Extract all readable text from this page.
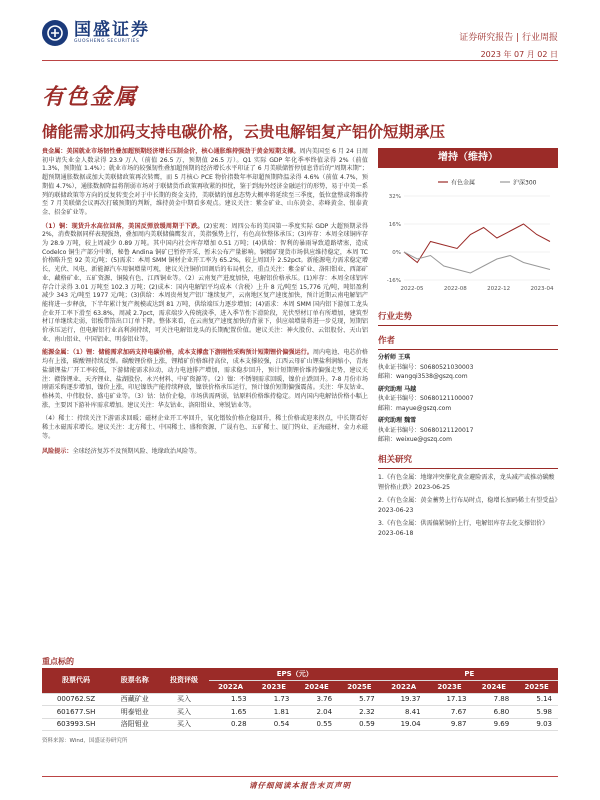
国盛证券
GUOSHENG SECURITIES	证券研究报告 | 行业周报
2023 年 07 月 02 日
有色金属
储能需求加码支持电碳价格，云贵电解铝复产铝价短期承压

贵金属：美国就业市场韧性叠加超预期经济增长压制金价，核心通胀维持强劲于黄金短期支撑。周内美国至 6 月 24 日周初申请失业金人数录得 23.9 万人（前值 26.5 万，预期值 26.5 万）。Q1 实际 GDP 年化季率终值录得 2%（前值 1.3%，预期值 1.4%）；就业市场的较强韧性叠加超预期的经济增长水平印证了 6 月美联储暂停加息背后的“周期末期”；超预期通胀数据或加大美联储政策再次转鹰，而 5 月核心 PCE 物价指数年率却超预期降温录得 4.6%（前值 4.7%，预期值 4.7%），通胀数据降温将削弱市场对于联储货币政策再收紧的担忧，鉴于到海外经济金融运行的形势，易于中美一系列的联储政策等方向的反复转变会对于中长期的资金支持，美联储的加息态势大概率将延续至三季度，低位盘整或将维持至 7 月美联储会议再次打破预期的判断，维持黄金中期看多观点。建议关注：紫金矿业、山东黄金、赤峰黄金、银泰黄金、招金矿业等。

（1）铜：现货升水高位回落，美国反弹放缓周期于下跌。(2)宏观：周四公布的美国第一季度实际 GDP 大超预期录得 2%，消费数据同样表现强劲，叠加周内美联储偏鹰发言，美指强势上行，有色高位整体承压；(3)库存：本周全球铜库存为 28.9 万吨，较上周减少 0.89 万吨。其中国内社会库存增加 0.51 万吨；(4)供给：智利的暴雨导致道路堵塞，造成 Codelco 铜生产部分中断，秘鲁 Andina 铜矿已暂停开采，暂未公布产量影响。铜精矿现货市场供应维持稳定，本周 TC 价格略升至 92 美元/吨；(5)需求：本周 SMM 铜材企业开工率为 65.2%，较上周回升 2.52pct。新能源电力需求稳定增长，光伏、风电、新能源汽车用铜增量可观，建议关注铜价回调后的布局机会，重点关注：紫金矿业、洛阳钼业、西部矿业、藏格矿业、五矿资源、铜陵有色、江西铜业等。（2）云南复产进度加快，电解铝价格承压。(1)库存：本周全球铝库存合计录得 3.01 万吨至 102.3 万吨；(2)成本：国内电解铝平均成本（含税）上升 8 元/吨至 15,776 元/吨，吨铝盈利减少 343 元/吨至 1977 元/吨；(3)供给：本周贵州复产铝厂继续复产，云南地区复产速度加快，预计近期云南电解铝产能将进一步释放，下半年累计复产规模或达到 81 万吨，供给端压力逐步增加；(4)需求：本周 SMM 国内铝下游加工龙头企业开工率下滑至 63.8%，周减 2.7pct，需求端步入传统淡季，进入季节性下滑阶段，光伏型材订单有所增加，建筑型材订单继续走弱，铝板带箔出口订单下降。整体来看，在云南复产速度加快的背景下，供应端增量将进一步兑现，短期铝价承压运行，但电解铝行业高利润持续，可关注电解铝龙头的长期配置价值。建议关注：神火股份、云铝股份、天山铝业、南山铝业、中国铝业、明泰铝业等。

能源金属：（1）锂：储能需求加码支持电碳价格，成本支撑盘下游刚性采购预计短期锂价偏强运行。周内电池、电芯价格均有上涨，碳酸锂持续反弹。碳酸锂价格上涨，锂精矿价格维持高位，成本支撑较强，江西云母矿山锂盐利润缩小，青海盐湖锂盐厂开工率较低，下游储能需求拉动，动力电池排产增加，需求稳步回升，预计短期锂价维持偏强走势，建议关注：赣锋锂业、天齐锂业、盐湖股份、永兴材料、中矿资源等。（2）镍：不锈钢需求回暖，镍价止跌回升。7-8 月份市场刚需采购逐步增加，镍价上涨，印尼镍铁产能持续释放，镍铁价格承压运行，预计镍价短期偏强震荡。关注：华友钴业、格林美、中伟股份、盛屯矿业等。（3）钴：钴价企稳，市场供需两弱，钴原料价格维持稳定。周内国内电解钴价格小幅上涨，主要因下游补库需求增加。建议关注：华友钴业、洛阳钼业、寒锐钴业等。

（4）稀土：持续关注下游需求回暖；磁材企业开工率回升，氧化镨钕价格企稳回升，稀土价格或迎来拐点，中长期看好稀土永磁需求增长。建议关注：北方稀土、中国稀土、盛和资源、广晟有色、五矿稀土、厦门钨业、正海磁材、金力永磁等。

风险提示：全球经济复苏不及预期风险、地缘政治风险等。

增持（维持）
有色金属	沪深300
32%
16%
0%
-16%
2022-05	2022-08	2022-12	2023-04
行业走势
作者
分析师 王琪
执业证书编号：S0680521030003
邮箱：wangqi3538@gszq.com
研究助理 马越
执业证书编号：S0680121100007
邮箱：mayue@gszq.com
研究助理 魏雪
执业证书编号：S0680121120017
邮箱：weixue@gszq.com
相关研究
1.《有色金属：地缘冲突催化黄金避险需求，龙头减产或推动碳酸锂价格止跌》2023-06-25
2.《有色金属：黄金蓄势上行布局时点，稳增长加码稀土有望受益》2023-06-23
3.《有色金属：供需偏紧铜价上行，电解铝库存去化支撑铝价》2023-06-18
重点标的
股票代码	股票名称	投资评级	EPS（元）				PE			
			2022A	2023E	2024E	2025E	2022A	2023E	2024E	2025E
000762.SZ	西藏矿业	买入	1.53	1.73	3.76	5.77	19.37	17.13	7.88	5.14
601677.SH	明泰铝业	买入	1.65	1.81	2.04	2.32	8.41	7.67	6.80	5.98
603993.SH	洛阳钼业	买入	0.28	0.54	0.55	0.59	19.04	9.87	9.69	9.03
资料来源：Wind，国盛证券研究所
请仔细阅读本报告末页声明
